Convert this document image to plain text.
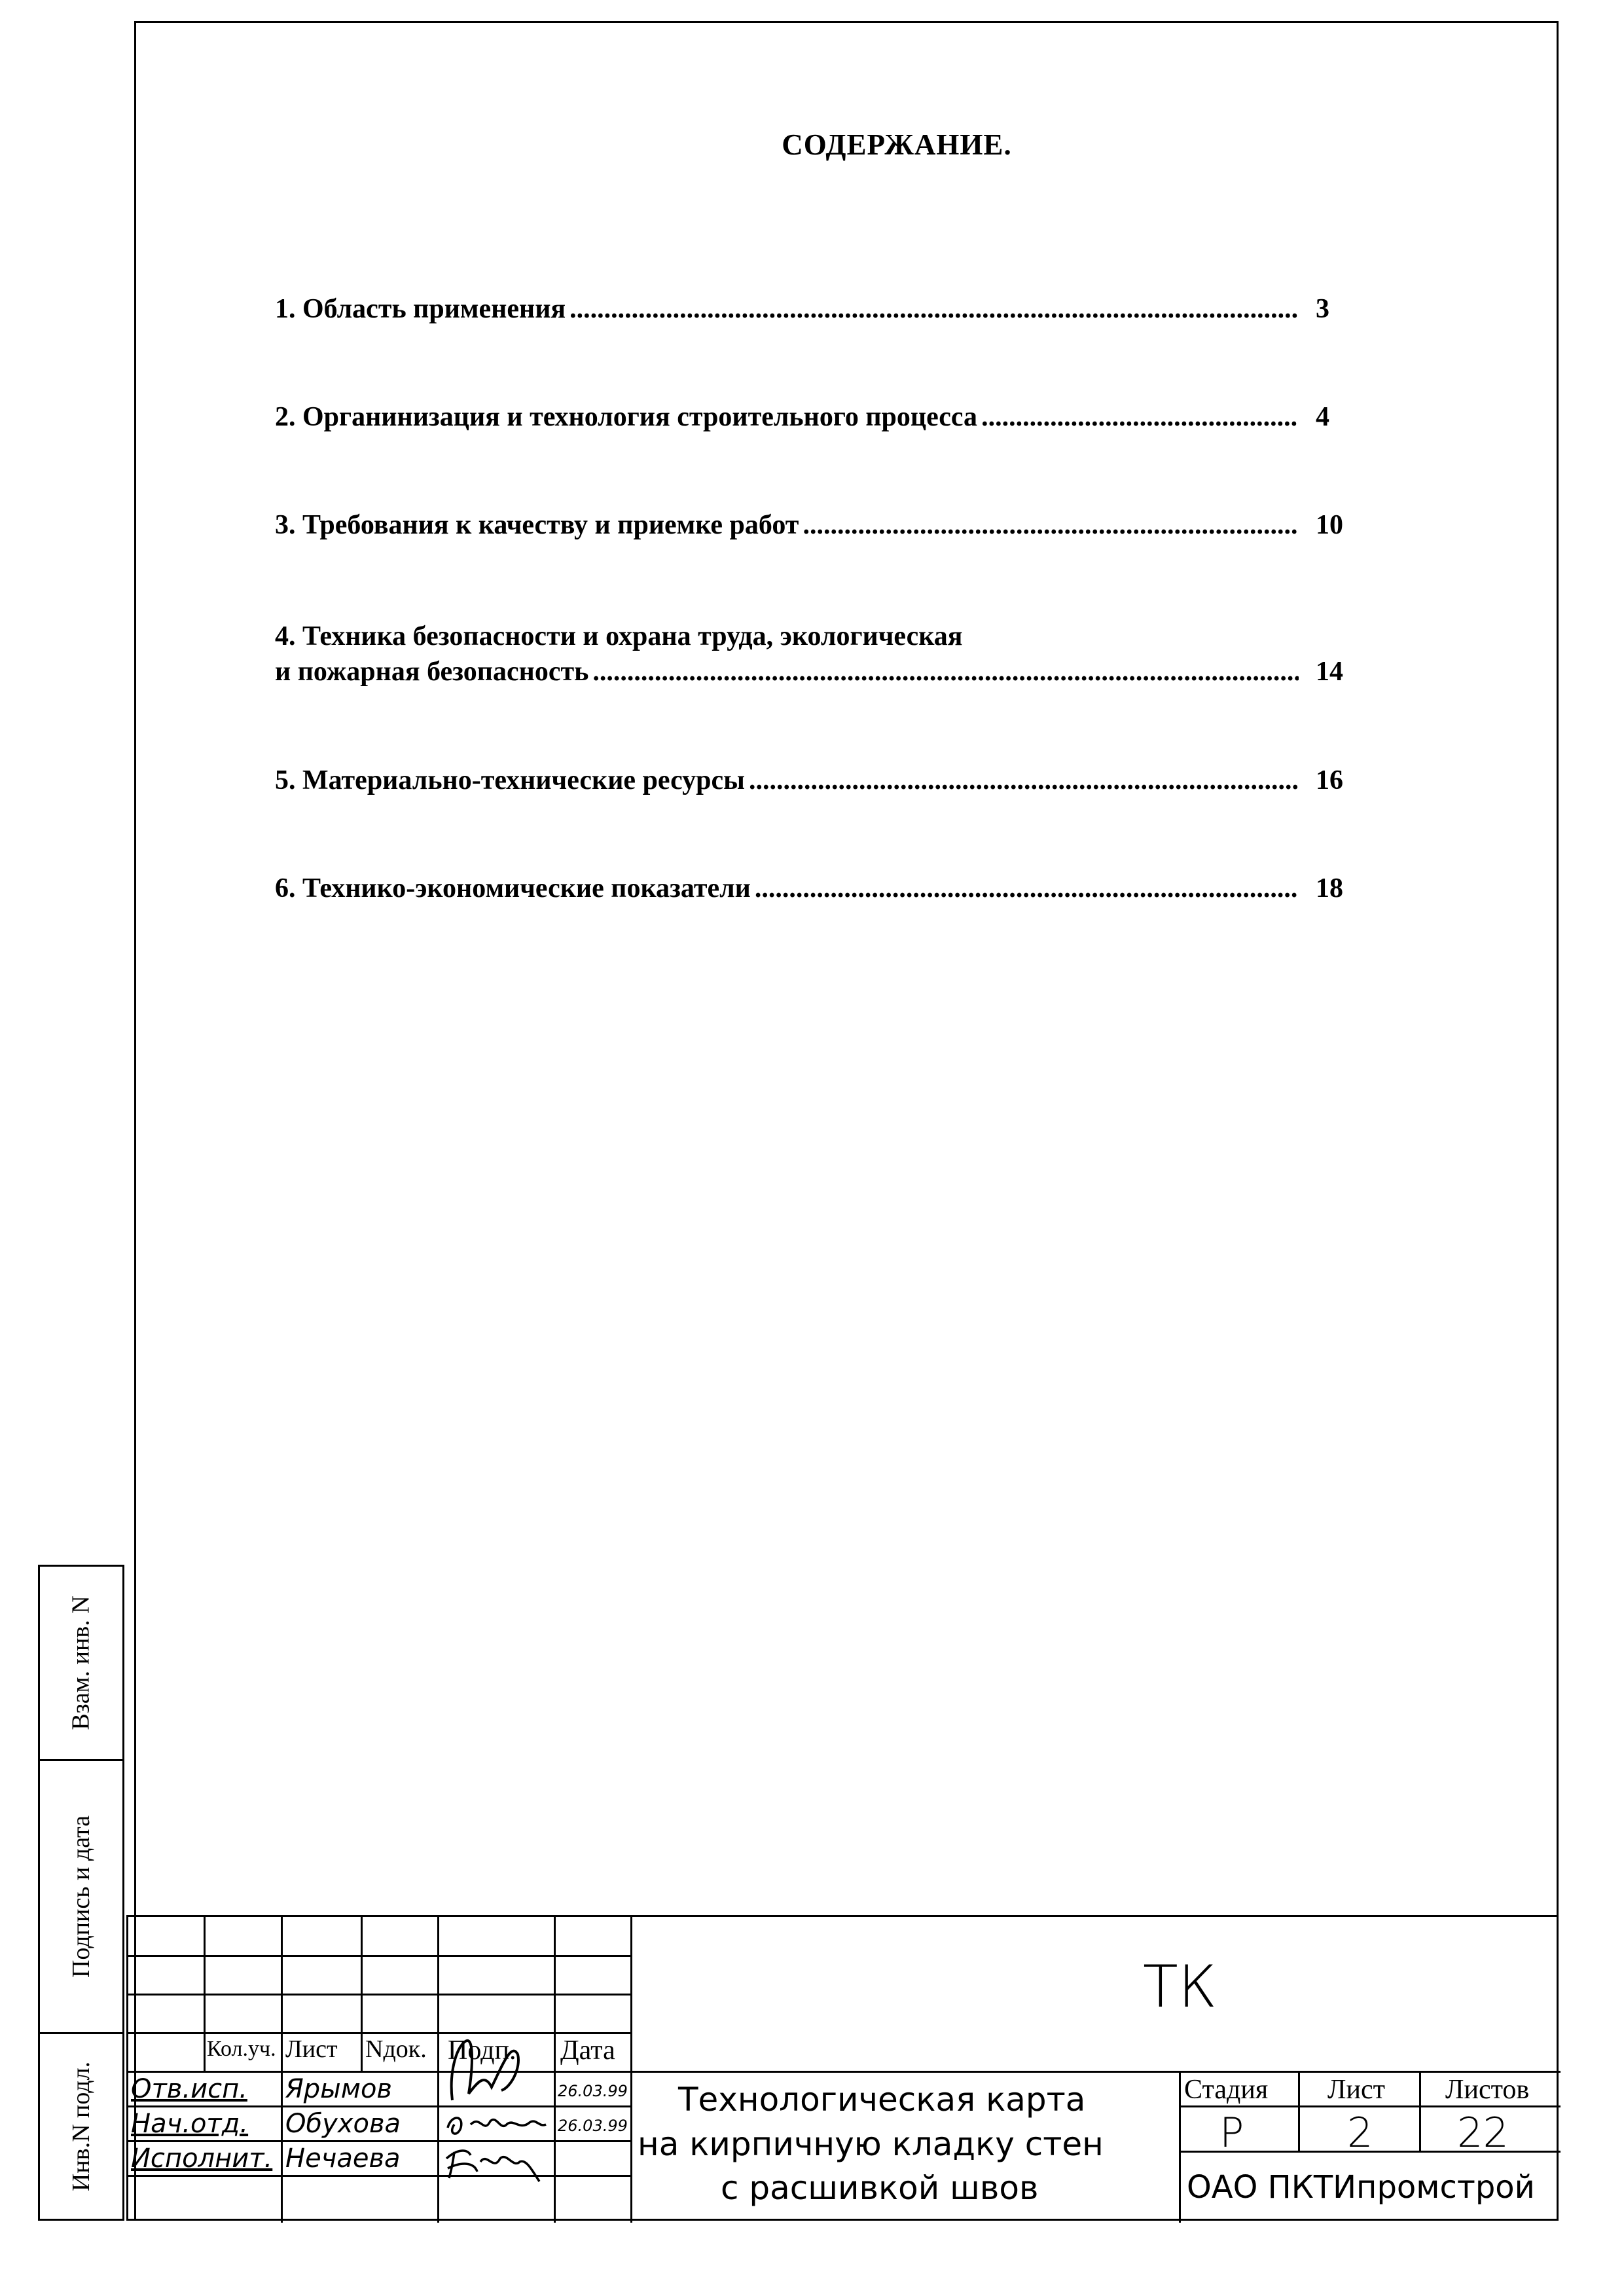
СОДЕРЖАНИЕ.
1. Область применения .....	3
2. Органинизация и технология строительного процесса .....	4
3. Требования к качеству и приемке работ .....	10
4. Техника безопасности и охрана труда, экологическая
и пожарная безопасность .....	14
5. Материально-технические ресурсы .....	16
6. Технико-экономические показатели .....	18
Взам. инв. N
Подпись и дата
Инв.N подл.
Кол.уч. Лист Nдок. Подп. Дата
Отв.исп. Ярымов	26.03.99
Нач.отд. Обухова	26.03.99
Исполнит. Нечаева
ТК
Технологическая карта
на кирпичную кладку стен
с расшивкой швов
Стадия Лист Листов
Р	2 22
ОАО ПКТИпромстрой
